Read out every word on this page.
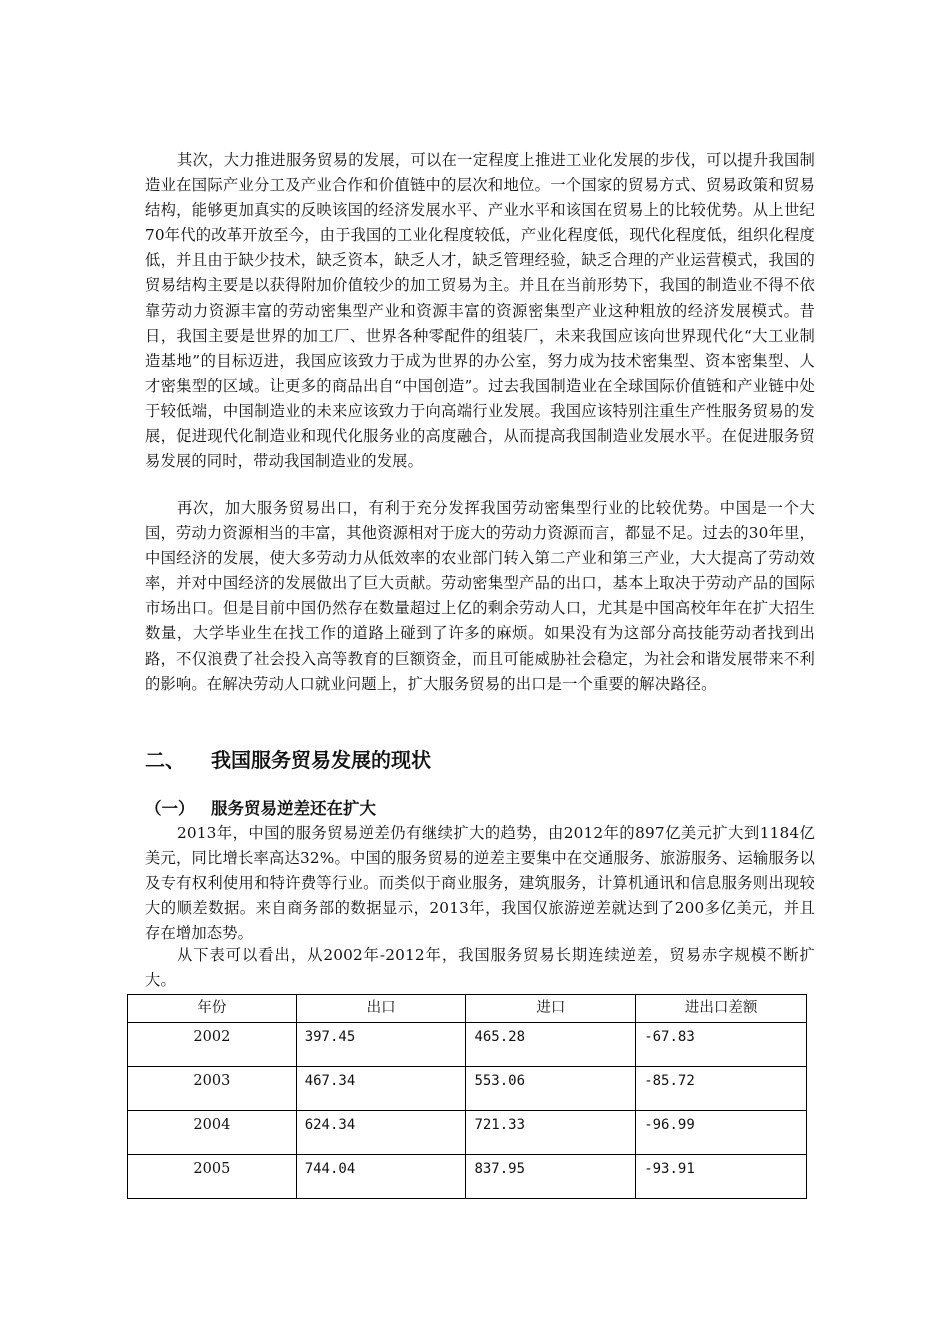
其次，大力推进服务贸易的发展，可以在一定程度上推进工业化发展的步伐，可以提升我国制造业在国际产业分工及产业合作和价值链中的层次和地位。一个国家的贸易方式、贸易政策和贸易结构，能够更加真实的反映该国的经济发展水平、产业水平和该国在贸易上的比较优势。从上世纪70年代的改革开放至今，由于我国的工业化程度较低，产业化程度低，现代化程度低，组织化程度低，并且由于缺少技术，缺乏资本，缺乏人才，缺乏管理经验，缺乏合理的产业运营模式，我国的贸易结构主要是以获得附加价值较少的加工贸易为主。并且在当前形势下，我国的制造业不得不依靠劳动力资源丰富的劳动密集型产业和资源丰富的资源密集型产业这种粗放的经济发展模式。昔日，我国主要是世界的加工厂、世界各种零配件的组装厂，未来我国应该向世界现代化“大工业制造基地”的目标迈进，我国应该致力于成为世界的办公室，努力成为技术密集型、资本密集型、人才密集型的区域。让更多的商品出自“中国创造”。过去我国制造业在全球国际价值链和产业链中处于较低端，中国制造业的未来应该致力于向高端行业发展。我国应该特别注重生产性服务贸易的发展，促进现代化制造业和现代化服务业的高度融合，从而提高我国制造业发展水平。在促进服务贸易发展的同时，带动我国制造业的发展。

再次，加大服务贸易出口，有利于充分发挥我国劳动密集型行业的比较优势。中国是一个大国，劳动力资源相当的丰富，其他资源相对于庞大的劳动力资源而言，都显不足。过去的30年里，中国经济的发展，使大多劳动力从低效率的农业部门转入第二产业和第三产业，大大提高了劳动效率，并对中国经济的发展做出了巨大贡献。劳动密集型产品的出口，基本上取决于劳动产品的国际市场出口。但是目前中国仍然存在数量超过上亿的剩余劳动人口，尤其是中国高校年年在扩大招生数量，大学毕业生在找工作的道路上碰到了许多的麻烦。如果没有为这部分高技能劳动者找到出路，不仅浪费了社会投入高等教育的巨额资金，而且可能威胁社会稳定，为社会和谐发展带来不利的影响。在解决劳动人口就业问题上，扩大服务贸易的出口是一个重要的解决路径。

二、 我国服务贸易发展的现状
（一） 服务贸易逆差还在扩大

2013年，中国的服务贸易逆差仍有继续扩大的趋势，由2012年的897亿美元扩大到1184亿美元，同比增长率高达32%。中国的服务贸易的逆差主要集中在交通服务、旅游服务、运输服务以及专有权利使用和特许费等行业。而类似于商业服务，建筑服务，计算机通讯和信息服务则出现较大的顺差数据。来自商务部的数据显示，2013年，我国仅旅游逆差就达到了200多亿美元，并且存在增加态势。

从下表可以看出，从2002年-2012年，我国服务贸易长期连续逆差，贸易赤字规模不断扩大。

年份	出口	进口	进出口差额
2002	397.45	465.28	-67.83
2003	467.34	553.06	-85.72
2004	624.34	721.33	-96.99
2005	744.04	837.95	-93.91
